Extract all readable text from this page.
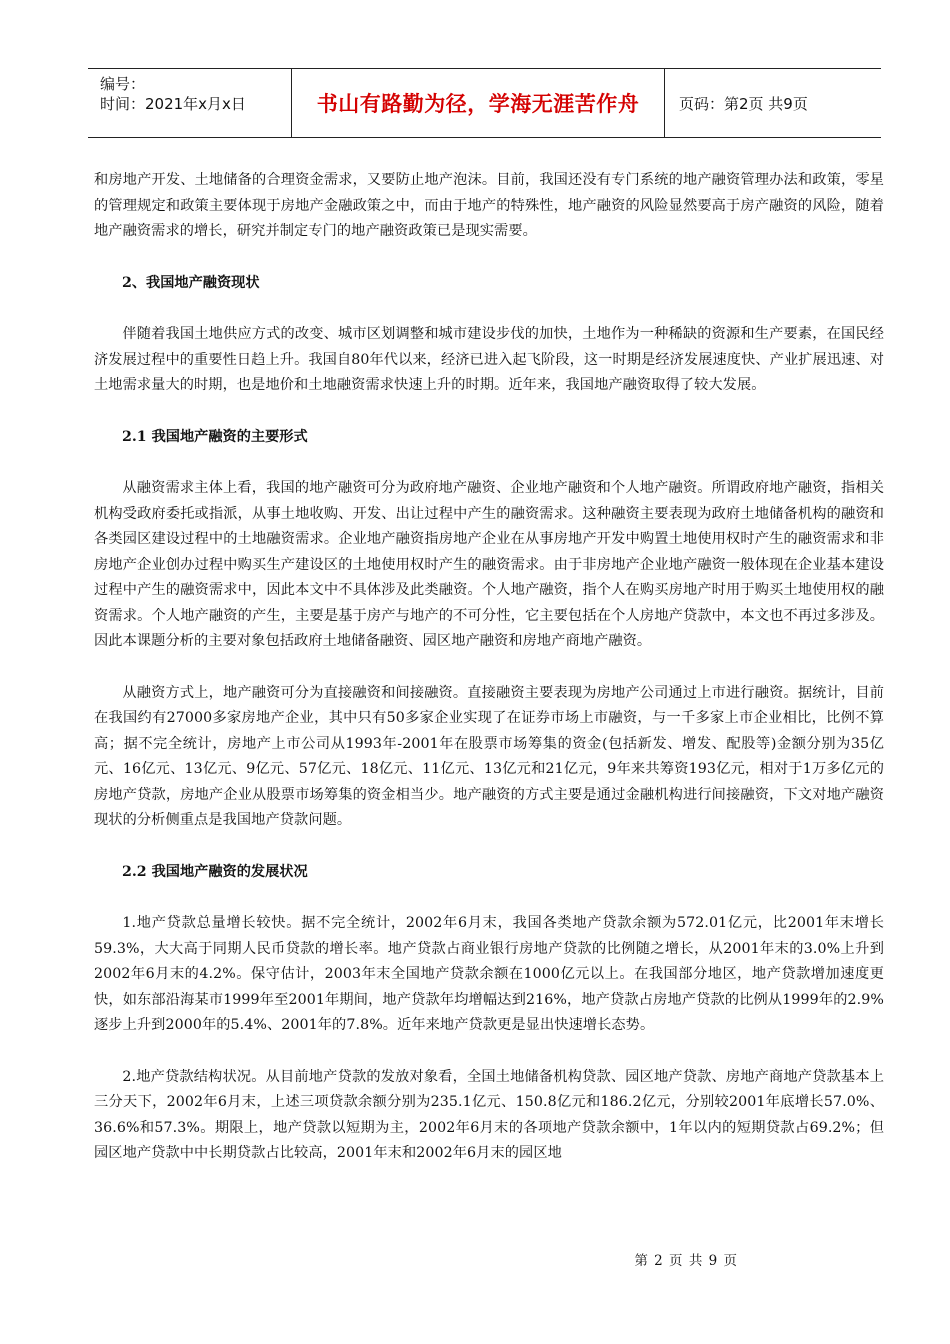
编号：
时间：2021年x月x日	书山有路勤为径，学海无涯苦作舟	页码：第2页 共9页

和房地产开发、土地储备的合理资金需求，又要防止地产泡沫。目前，我国还没有专门系统的地产融资管理办法和政策，零星的管理规定和政策主要体现于房地产金融政策之中，而由于地产的特殊性，地产融资的风险显然要高于房产融资的风险，随着地产融资需求的增长，研究并制定专门的地产融资政策已是现实需要。

2、我国地产融资现状

伴随着我国土地供应方式的改变、城市区划调整和城市建设步伐的加快，土地作为一种稀缺的资源和生产要素，在国民经济发展过程中的重要性日趋上升。我国自80年代以来，经济已进入起飞阶段，这一时期是经济发展速度快、产业扩展迅速、对土地需求量大的时期，也是地价和土地融资需求快速上升的时期。近年来，我国地产融资取得了较大发展。

2.1 我国地产融资的主要形式

从融资需求主体上看，我国的地产融资可分为政府地产融资、企业地产融资和个人地产融资。所谓政府地产融资，指相关机构受政府委托或指派，从事土地收购、开发、出让过程中产生的融资需求。这种融资主要表现为政府土地储备机构的融资和各类园区建设过程中的土地融资需求。企业地产融资指房地产企业在从事房地产开发中购置土地使用权时产生的融资需求和非房地产企业创办过程中购买生产建设区的土地使用权时产生的融资需求。由于非房地产企业地产融资一般体现在企业基本建设过程中产生的融资需求中，因此本文中不具体涉及此类融资。个人地产融资，指个人在购买房地产时用于购买土地使用权的融资需求。个人地产融资的产生，主要是基于房产与地产的不可分性，它主要包括在个人房地产贷款中，本文也不再过多涉及。因此本课题分析的主要对象包括政府土地储备融资、园区地产融资和房地产商地产融资。

从融资方式上，地产融资可分为直接融资和间接融资。直接融资主要表现为房地产公司通过上市进行融资。据统计，目前在我国约有27000多家房地产企业，其中只有50多家企业实现了在证券市场上市融资，与一千多家上市企业相比，比例不算高；据不完全统计，房地产上市公司从1993年-2001年在股票市场筹集的资金(包括新发、增发、配股等)金额分别为35亿元、16亿元、13亿元、9亿元、57亿元、18亿元、11亿元、13亿元和21亿元，9年来共筹资193亿元，相对于1万多亿元的房地产贷款，房地产企业从股票市场筹集的资金相当少。地产融资的方式主要是通过金融机构进行间接融资，下文对地产融资现状的分析侧重点是我国地产贷款问题。

2.2 我国地产融资的发展状况

1.地产贷款总量增长较快。据不完全统计，2002年6月末，我国各类地产贷款余额为572.01亿元，比2001年末增长59.3%，大大高于同期人民币贷款的增长率。地产贷款占商业银行房地产贷款的比例随之增长，从2001年末的3.0%上升到2002年6月末的4.2%。保守估计，2003年末全国地产贷款余额在1000亿元以上。在我国部分地区，地产贷款增加速度更快，如东部沿海某市1999年至2001年期间，地产贷款年均增幅达到216%，地产贷款占房地产贷款的比例从1999年的2.9%逐步上升到2000年的5.4%、2001年的7.8%。近年来地产贷款更是显出快速增长态势。

2.地产贷款结构状况。从目前地产贷款的发放对象看，全国土地储备机构贷款、园区地产贷款、房地产商地产贷款基本上三分天下，2002年6月末，上述三项贷款余额分别为235.1亿元、150.8亿元和186.2亿元，分别较2001年底增长57.0%、36.6%和57.3%。期限上，地产贷款以短期为主，2002年6月末的各项地产贷款余额中，1年以内的短期贷款占69.2%；但园区地产贷款中中长期贷款占比较高，2001年末和2002年6月末的园区地

第 2 页 共 9 页
